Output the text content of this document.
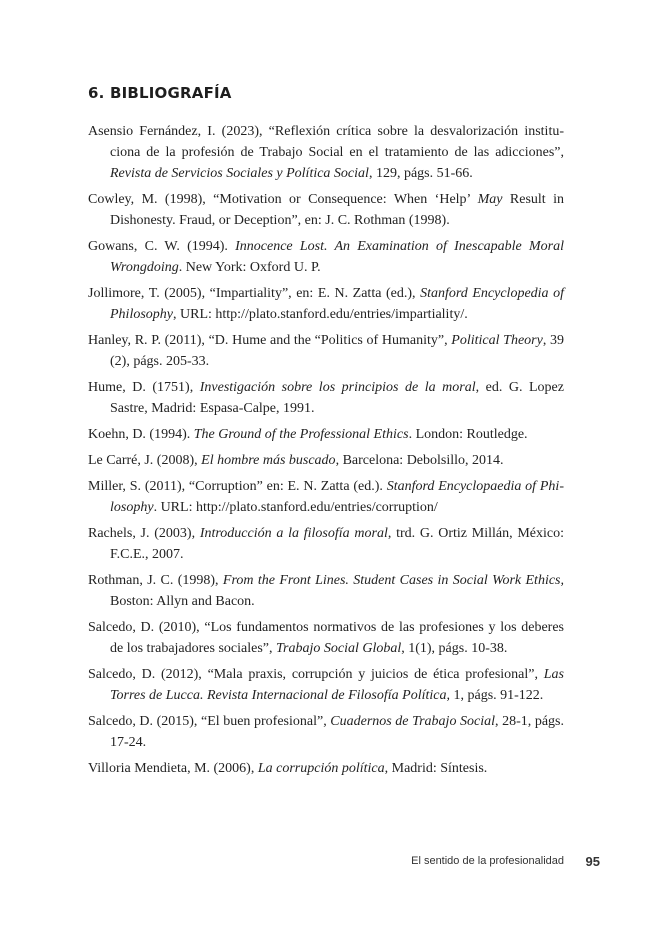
6. BIBLIOGRAFÍA
Asensio Fernández, I. (2023), “Reflexión crítica sobre la desvalorización instituciona de la profesión de Trabajo Social en el tratamiento de las adicciones”, Revista de Servicios Sociales y Política Social, 129, págs. 51-66.
Cowley, M. (1998), “Motivation or Consequence: When ‘Help’ May Result in Dishonesty. Fraud, or Deception”, en: J. C. Rothman (1998).
Gowans, C. W. (1994). Innocence Lost. An Examination of Inescapable Moral Wrongdoing. New York: Oxford U. P.
Jollimore, T. (2005), “Impartiality”, en: E. N. Zatta (ed.), Stanford Encyclopedia of Philosophy, URL: http://plato.stanford.edu/entries/impartiality/.
Hanley, R. P. (2011), “D. Hume and the “Politics of Humanity”, Political Theory, 39 (2), págs. 205-33.
Hume, D. (1751), Investigación sobre los principios de la moral, ed. G. Lopez Sastre, Madrid: Espasa-Calpe, 1991.
Koehn, D. (1994). The Ground of the Professional Ethics. London: Routledge.
Le Carré, J. (2008), El hombre más buscado, Barcelona: Debolsillo, 2014.
Miller, S. (2011), “Corruption” en: E. N. Zatta (ed.). Stanford Encyclopaedia of Philosophy. URL: http://plato.stanford.edu/entries/corruption/
Rachels, J. (2003), Introducción a la filosofía moral, trd. G. Ortiz Millán, México: F.C.E., 2007.
Rothman, J. C. (1998), From the Front Lines. Student Cases in Social Work Ethics, Boston: Allyn and Bacon.
Salcedo, D. (2010), “Los fundamentos normativos de las profesiones y los deberes de los trabajadores sociales”, Trabajo Social Global, 1(1), págs. 10-38.
Salcedo, D. (2012), “Mala praxis, corrupción y juicios de ética profesional”, Las Torres de Lucca. Revista Internacional de Filosofía Política, 1, págs. 91-122.
Salcedo, D. (2015), “El buen profesional”, Cuadernos de Trabajo Social, 28-1, págs. 17-24.
Villoria Mendieta, M. (2006), La corrupción política, Madrid: Síntesis.
El sentido de la profesionalidad 95
